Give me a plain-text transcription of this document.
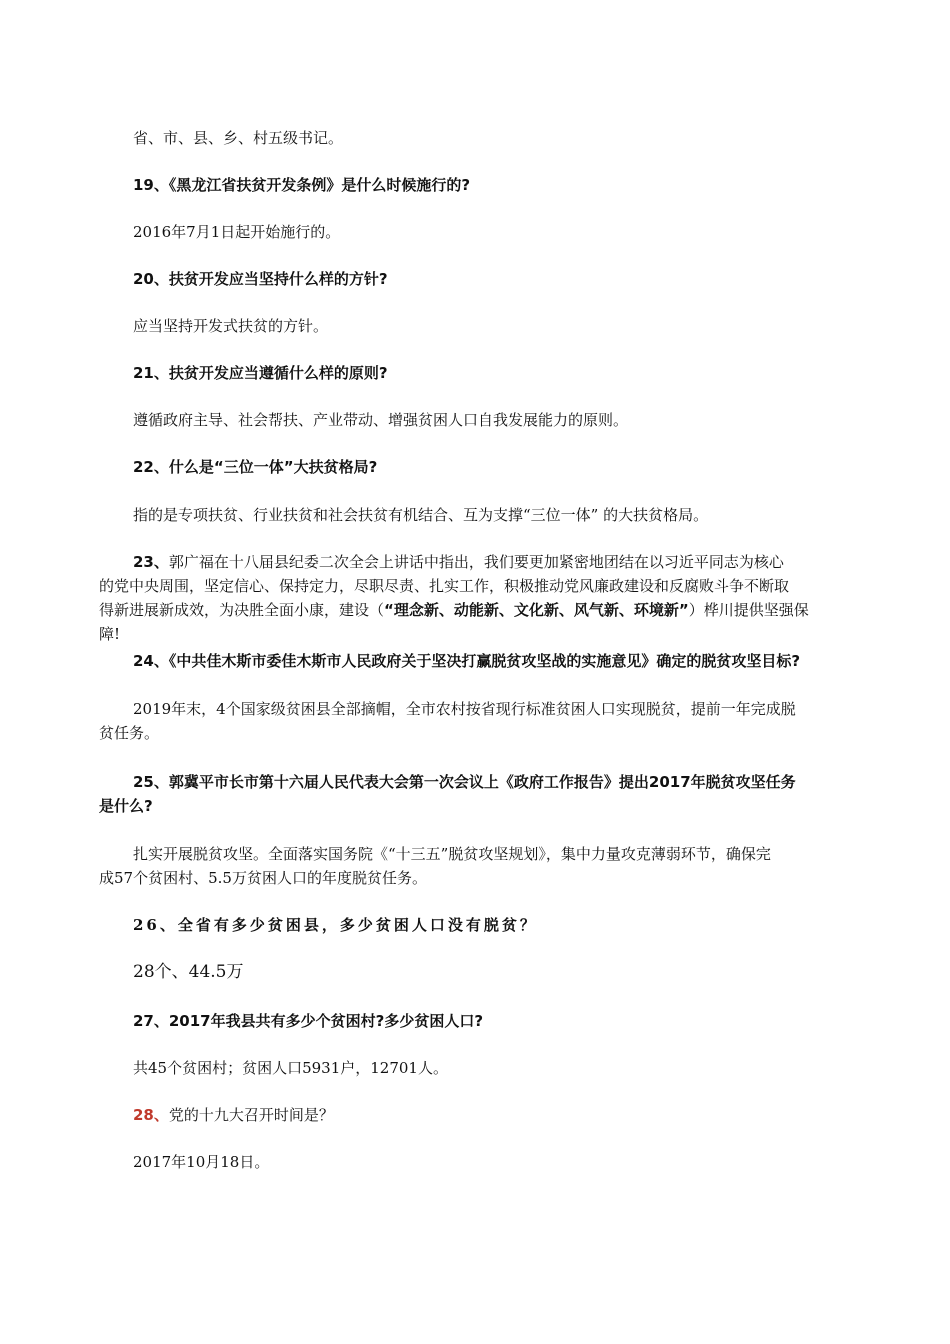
省、市、县、乡、村五级书记。
19、《黑龙江省扶贫开发条例》是什么时候施行的?
2016年7月1日起开始施行的。
20、扶贫开发应当坚持什么样的方针?
应当坚持开发式扶贫的方针。
21、扶贫开发应当遵循什么样的原则?
遵循政府主导、社会帮扶、产业带动、增强贫困人口自我发展能力的原则。
22、什么是“三位一体”大扶贫格局?
指的是专项扶贫、行业扶贫和社会扶贫有机结合、互为支撑“三位一体” 的大扶贫格局。
23、郭广福在十八届县纪委二次全会上讲话中指出，我们要更加紧密地团结在以习近平同志为核心
的党中央周围，坚定信心、保持定力，尽职尽责、扎实工作，积极推动党风廉政建设和反腐败斗争不断取
得新进展新成效，为决胜全面小康，建设（“理念新、动能新、文化新、风气新、环境新”）桦川提供坚强保
障!
24、《中共佳木斯市委佳木斯市人民政府关于坚决打赢脱贫攻坚战的实施意见》确定的脱贫攻坚目标?
2019年末，4个国家级贫困县全部摘帽，全市农村按省现行标准贫困人口实现脱贫，提前一年完成脱
贫任务。
25、郭冀平市长市第十六届人民代表大会第一次会议上《政府工作报告》提出2017年脱贫攻坚任务
是什么?
扎实开展脱贫攻坚。全面落实国务院《“十三五”脱贫攻坚规划》，集中力量攻克薄弱环节，确保完
成57个贫困村、5.5万贫困人口的年度脱贫任务。
26、全省有多少贫困县，多少贫困人口没有脱贫？
28个、44.5万
27、2017年我县共有多少个贫困村?多少贫困人口?
共45个贫困村；贫困人口5931户，12701人。
28、党的十九大召开时间是？
2017年10月18日。
